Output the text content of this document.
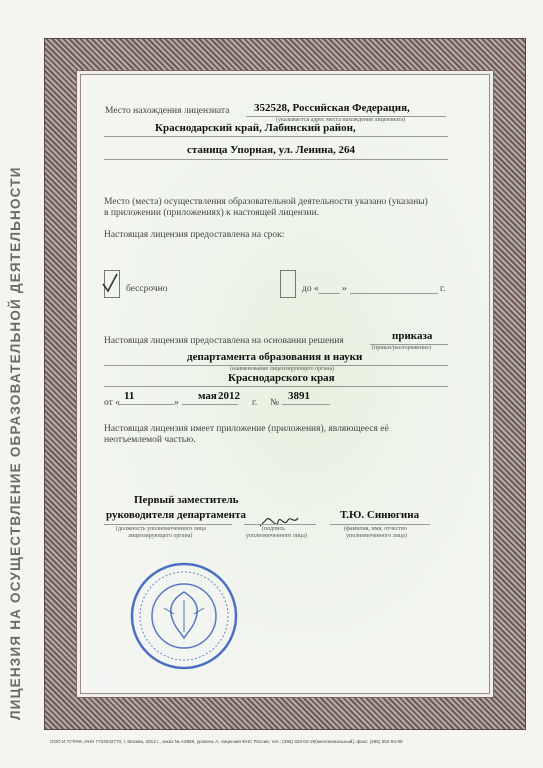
ЛИЦЕНЗИЯ НА ОСУЩЕСТВЛЕНИЕ ОБРАЗОВАТЕЛЬНОЙ ДЕЯТЕЛЬНОСТИ
Место нахождения лицензиата 352528, Российская Федерация,
(указывается адрес места нахождения лицензиата)
Краснодарский край, Лабинский район,
станица Упорная, ул. Ленина, 264
Место (места) осуществления образовательной деятельности указано (указаны)
в приложении (приложениях) к настоящей лицензии.
Настоящая лицензия предоставлена на срок:
бессрочно	до « »	г.
Настоящая лицензия предоставлена на основании решения	приказа
(приказ/распоряжение)
департамента образования и науки
(наименование лицензирующего органа)
Краснодарского края
от «
11
»
мая 2012
г. №
3891
Настоящая лицензия имеет приложение (приложения), являющееся её
неотъемлемой частью.
Первый заместитель
руководителя департамента
(должность уполномоченного лица
лицензирующего органа)
(подпись
уполномоченного лица)
Т.Ю. Синюгина
(фамилия, имя, отчество
уполномоченного лица)
ООО И.Т.ГРАФ, ИНН 7734032770, г. Москва, 2012 г., заказ № А3886, уровень А, лицензия ФНС России, тел.: (495) 332-02-20(многоканальный), факс: (495) 552-64-09
